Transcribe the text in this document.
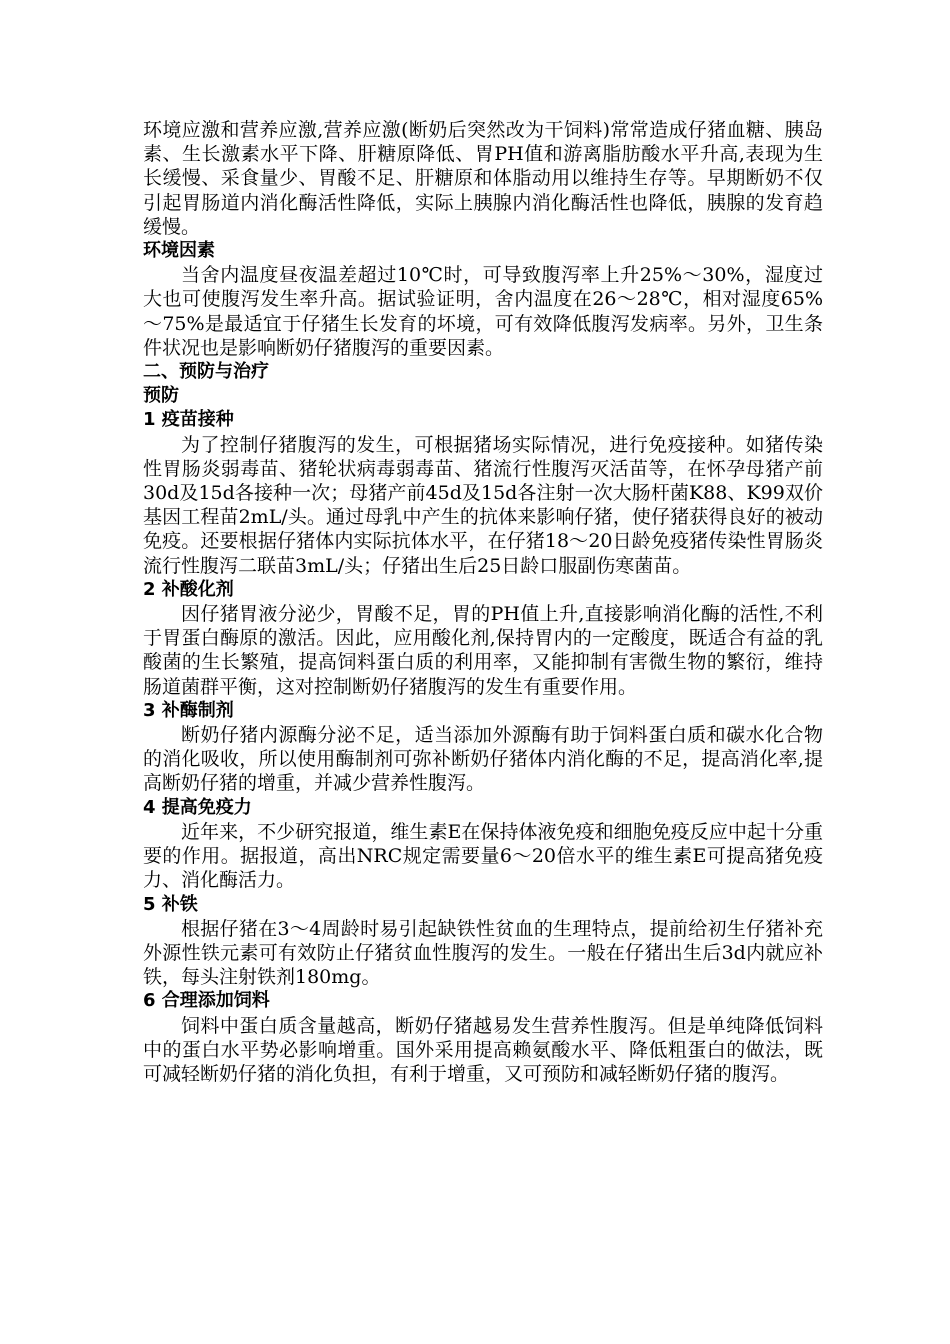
环境应激和营养应激,营养应激(断奶后突然改为干饲料)常常造成仔猪血糖、胰岛素、生长激素水平下降、肝糖原降低、胃PH值和游离脂肪酸水平升高,表现为生长缓慢、采食量少、胃酸不足、肝糖原和体脂动用以维持生存等。早期断奶不仅引起胃肠道内消化酶活性降低，实际上胰腺内消化酶活性也降低，胰腺的发育趋缓慢。

环境因素

当舍内温度昼夜温差超过10℃时，可导致腹泻率上升25%～30%，湿度过大也可使腹泻发生率升高。据试验证明，舍内温度在26～28℃，相对湿度65%～75%是最适宜于仔猪生长发育的坏境，可有效降低腹泻发病率。另外，卫生条件状况也是影响断奶仔猪腹泻的重要因素。

二、预防与治疗
预防
1 疫苗接种

为了控制仔猪腹泻的发生，可根据猪场实际情况，进行免疫接种。如猪传染性胃肠炎弱毒苗、猪轮状病毒弱毒苗、猪流行性腹泻灭活苗等，在怀孕母猪产前30d及15d各接种一次；母猪产前45d及15d各注射一次大肠杆菌K88、K99双价基因工程苗2mL/头。通过母乳中产生的抗体来影响仔猪，使仔猪获得良好的被动免疫。还要根据仔猪体内实际抗体水平，在仔猪18～20日龄免疫猪传染性胃肠炎流行性腹泻二联苗3mL/头；仔猪出生后25日龄口服副伤寒菌苗。

2 补酸化剂

因仔猪胃液分泌少，胃酸不足，胃的PH值上升,直接影响消化酶的活性,不利于胃蛋白酶原的激活。因此，应用酸化剂,保持胃内的一定酸度，既适合有益的乳酸菌的生长繁殖，提高饲料蛋白质的利用率，又能抑制有害微生物的繁衍，维持肠道菌群平衡，这对控制断奶仔猪腹泻的发生有重要作用。

3 补酶制剂

断奶仔猪内源酶分泌不足，适当添加外源酶有助于饲料蛋白质和碳水化合物的消化吸收，所以使用酶制剂可弥补断奶仔猪体内消化酶的不足，提高消化率,提高断奶仔猪的增重，并减少营养性腹泻。

4 提高免疫力

近年来，不少研究报道，维生素E在保持体液免疫和细胞免疫反应中起十分重要的作用。据报道，高出NRC规定需要量6～20倍水平的维生素E可提高猪免疫力、消化酶活力。

5 补铁

根据仔猪在3～4周龄时易引起缺铁性贫血的生理特点，提前给初生仔猪补充外源性铁元素可有效防止仔猪贫血性腹泻的发生。一般在仔猪出生后3d内就应补铁，每头注射铁剂180mg。

6 合理添加饲料

饲料中蛋白质含量越高，断奶仔猪越易发生营养性腹泻。但是单纯降低饲料中的蛋白水平势必影响增重。国外采用提高赖氨酸水平、降低粗蛋白的做法，既可减轻断奶仔猪的消化负担，有利于增重，又可预防和减轻断奶仔猪的腹泻。
